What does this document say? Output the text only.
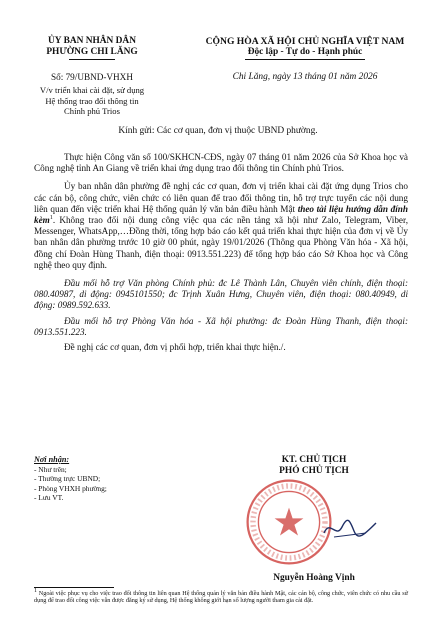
ỦY BAN NHÂN DÂN
PHƯỜNG CHI LĂNG
CỘNG HÒA XÃ HỘI CHỦ NGHĨA VIỆT NAM
Độc lập - Tự do - Hạnh phúc
Số: 79/UBND-VHXH
V/v triển khai cài đặt, sử dụng
Hệ thống trao đổi thông tin
Chính phủ Trios
Chi Lăng, ngày 13 tháng 01 năm 2026
Kính gửi: Các cơ quan, đơn vị thuộc UBND phường.

Thực hiện Công văn số 100/SKHCN-CĐS, ngày 07 tháng 01 năm 2026 của Sở Khoa học và Công nghệ tỉnh An Giang về triển khai ứng dụng trao đổi thông tin Chính phủ Trios.

Ủy ban nhân dân phường đề nghị các cơ quan, đơn vị triển khai cài đặt ứng dụng Trios cho các cán bộ, công chức, viên chức có liên quan để trao đổi thông tin, hỗ trợ trực tuyến các nội dung liên quan đến việc triển khai Hệ thống quản lý văn bản điều hành Mật theo tài liệu hướng dẫn đính kèm$^1$. Không trao đổi nội dung công việc qua các nền tảng xã hội như Zalo, Telegram, Viber, Messenger, WhatsApp,…Đồng thời, tổng hợp báo cáo kết quả triển khai thực hiện của đơn vị về Ủy ban nhân dân phường trước 10 giờ 00 phút, ngày 19/01/2026 (Thông qua Phòng Văn hóa - Xã hội, đồng chí Đoàn Hùng Thanh, điện thoại: 0913.551.223) để tổng hợp báo cáo Sở Khoa học và Công nghệ theo quy định.

Đầu mối hỗ trợ Văn phòng Chính phủ: đc Lê Thành Lân, Chuyên viên chính, điện thoại: 080.40987, di động: 0945101550; đc Trịnh Xuân Hưng, Chuyên viên, điện thoại: 080.40949, di động: 0989.592.633.

Đầu mối hỗ trợ Phòng Văn hóa - Xã hội phường: đc Đoàn Hùng Thanh, điện thoại: 0913.551.223.

Đề nghị các cơ quan, đơn vị phối hợp, triển khai thực hiện./.

Nơi nhận:
- Như trên;
- Thường trực UBND;
- Phòng VHXH phường;
- Lưu VT.
KT. CHỦ TỊCH
PHÓ CHỦ TỊCH
Nguyễn Hoàng Vịnh
$^1$ Ngoài việc phục vụ cho việc trao đổi thông tin liên quan Hệ thống quản lý văn bản điều hành Mật, các cán bộ, công chức, viên chức có nhu cầu sử dụng để trao đổi công việc vẫn được đăng ký sử dụng, Hệ thống không giới hạn số lượng người tham gia cài đặt.
